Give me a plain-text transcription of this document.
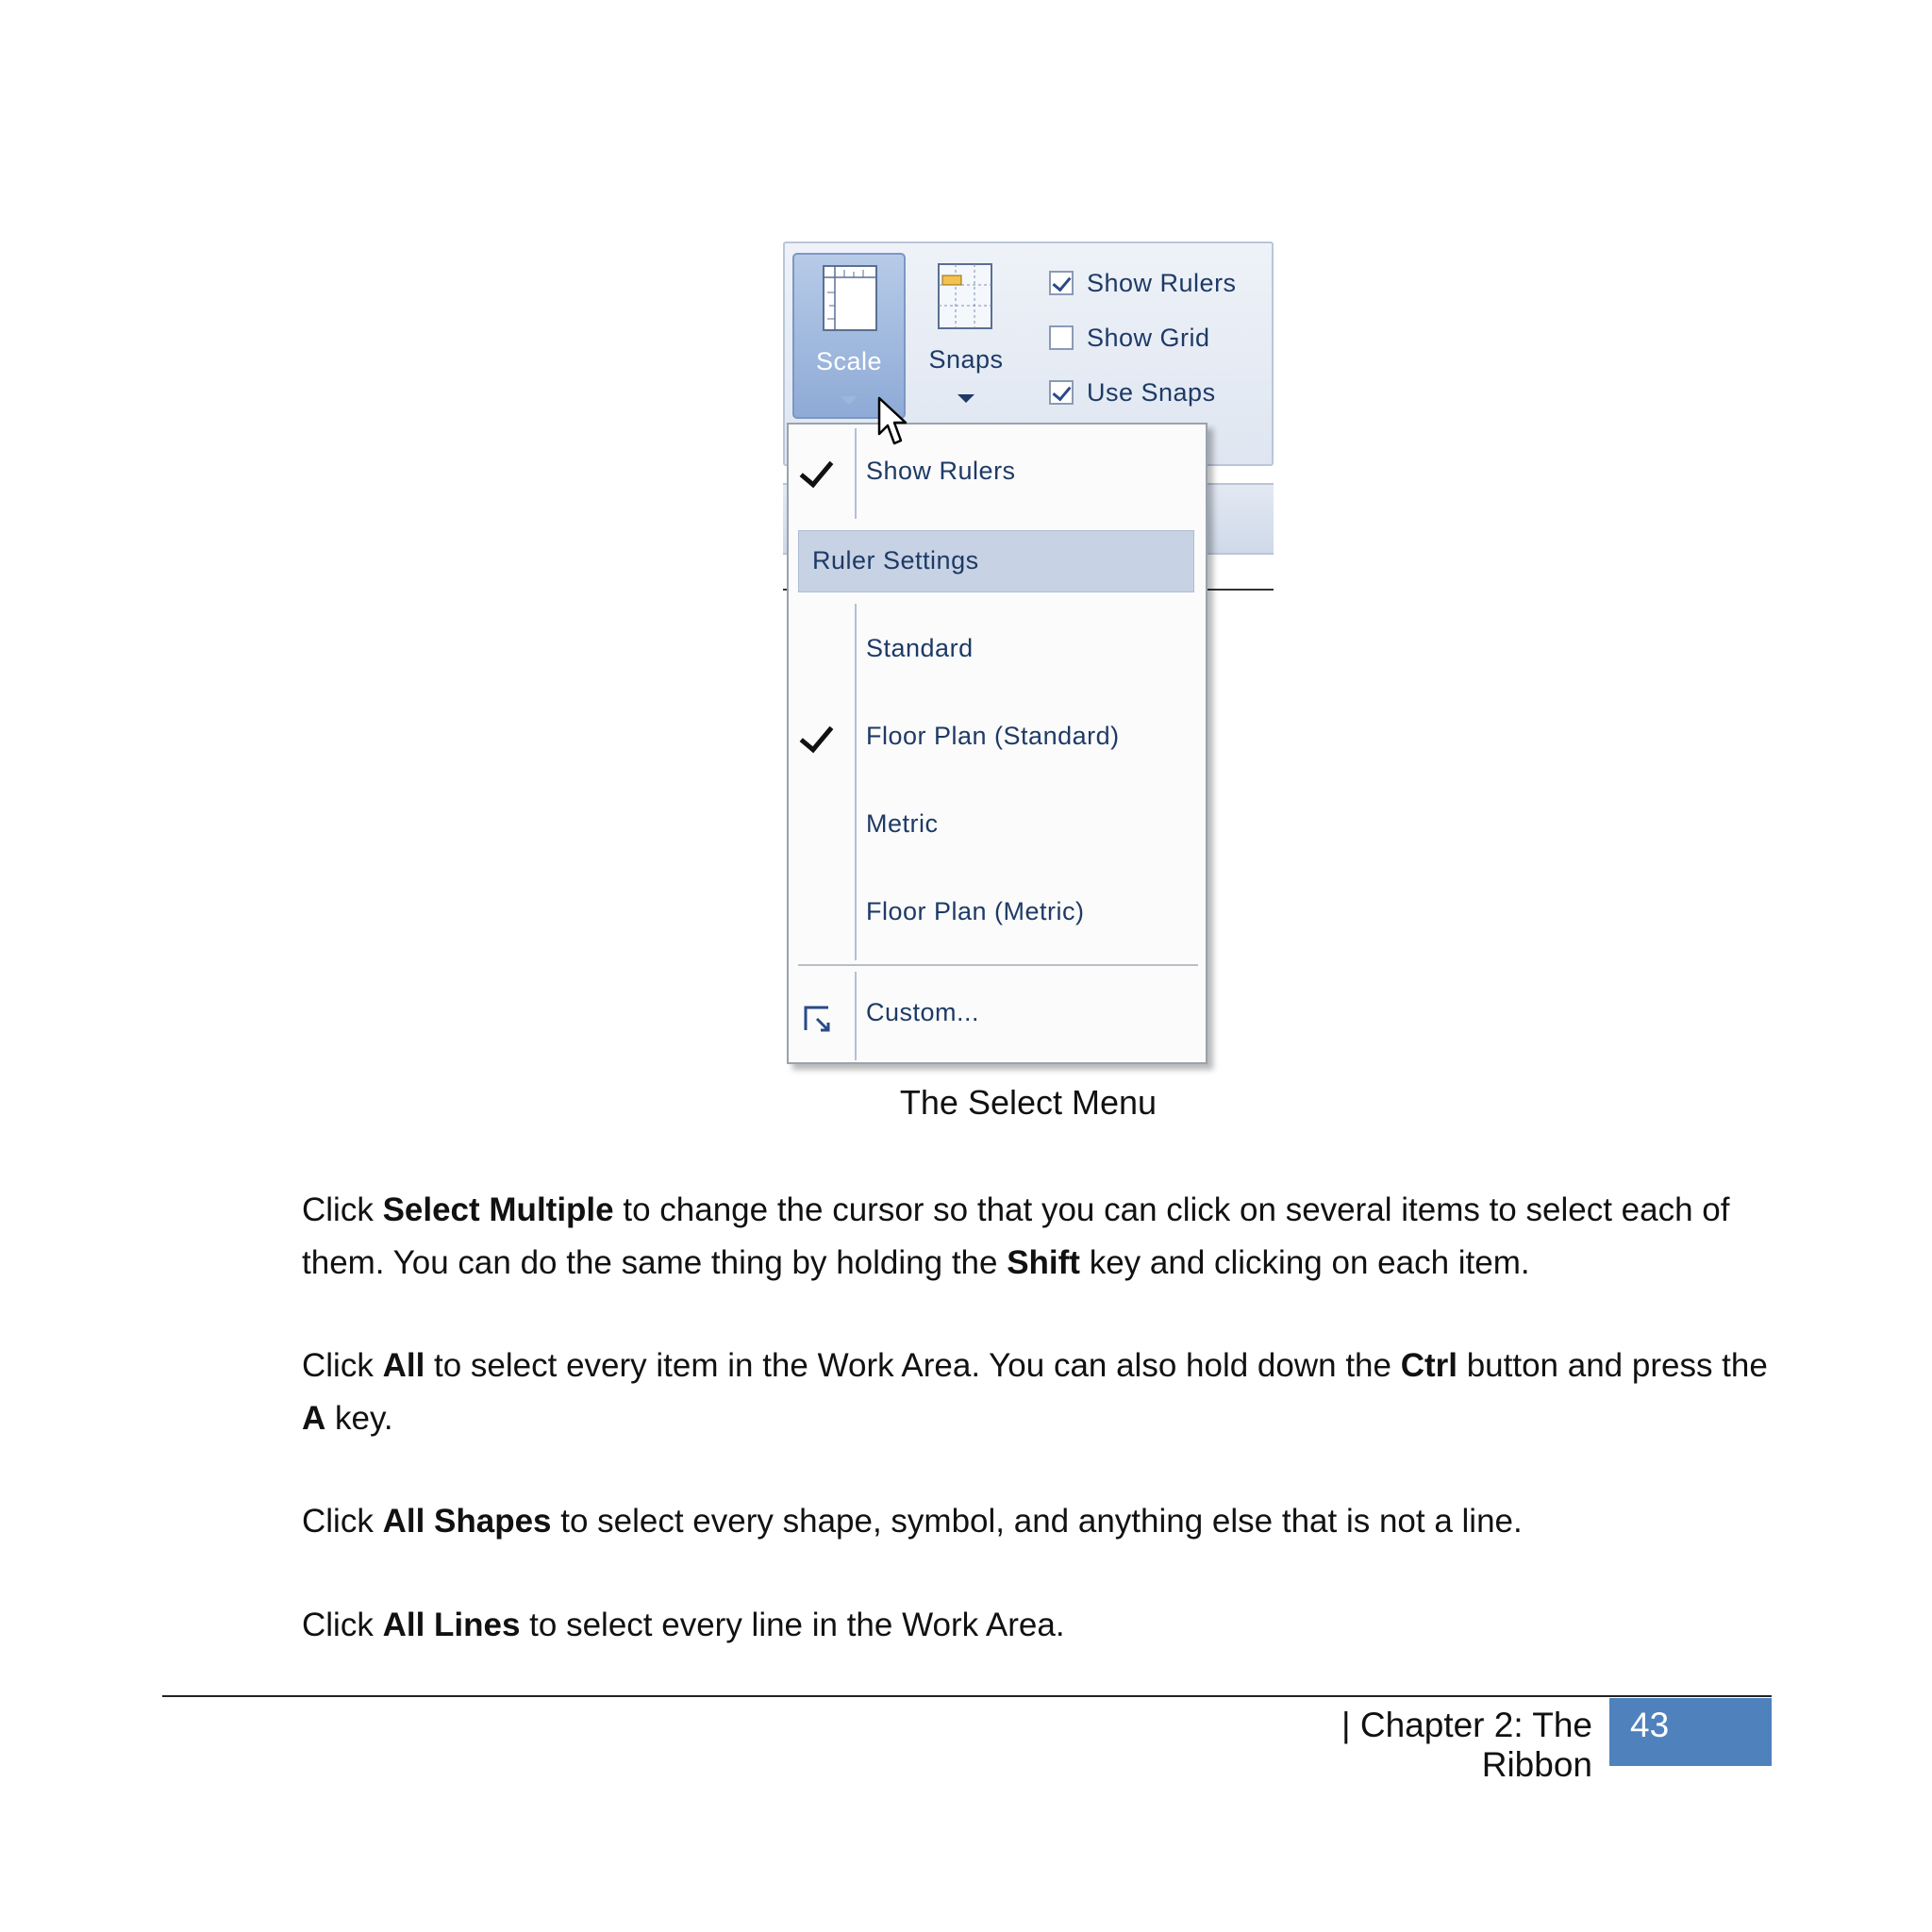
Scale	Snaps
Show Rulers
Show Grid
Use Snaps
Show Rulers
Ruler Settings
Standard
Floor Plan (Standard)
Metric
Floor Plan (Metric)
Custom...
The Select Menu

Click Select Multiple to change the cursor so that you can click on several items to select each of them. You can do the same thing by holding the Shift key and clicking on each item.

Click All to select every item in the Work Area. You can also hold down the Ctrl button and press the A key.

Click All Shapes to select every shape, symbol, and anything else that is not a line.

Click All Lines to select every line in the Work Area.

| Chapter 2: The Ribbon
43
